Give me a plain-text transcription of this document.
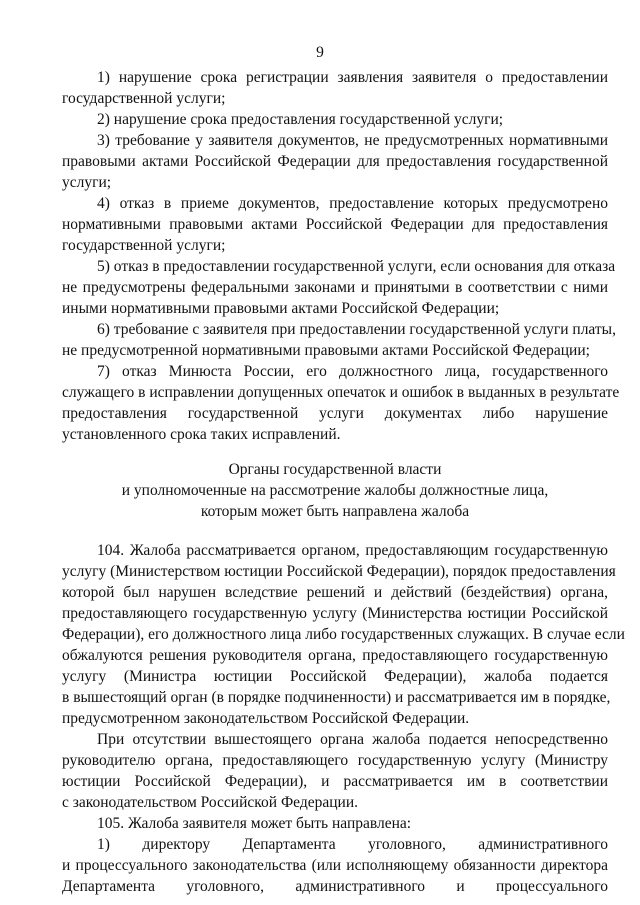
9
1) нарушение срока регистрации заявления заявителя о предоставлении
государственной услуги;
2) нарушение срока предоставления государственной услуги;
3) требование у заявителя документов, не предусмотренных нормативными
правовыми актами Российской Федерации для предоставления государственной
услуги;
4) отказ в приеме документов, предоставление которых предусмотрено
нормативными правовыми актами Российской Федерации для предоставления
государственной услуги;
5) отказ в предоставлении государственной услуги, если основания для отказа
не предусмотрены федеральными законами и принятыми в соответствии с ними
иными нормативными правовыми актами Российской Федерации;
6) требование с заявителя при предоставлении государственной услуги платы,
не предусмотренной нормативными правовыми актами Российской Федерации;
7) отказ Минюста России, его должностного лица, государственного
служащего в исправлении допущенных опечаток и ошибок в выданных в результате
предоставления государственной услуги документах либо нарушение
установленного срока таких исправлений.
Органы государственной власти
и уполномоченные на рассмотрение жалобы должностные лица,
которым может быть направлена жалоба
104. Жалоба рассматривается органом, предоставляющим государственную
услугу (Министерством юстиции Российской Федерации), порядок предоставления
которой был нарушен вследствие решений и действий (бездействия) органа,
предоставляющего государственную услугу (Министерства юстиции Российской
Федерации), его должностного лица либо государственных служащих. В случае если
обжалуются решения руководителя органа, предоставляющего государственную
услугу (Министра юстиции Российской Федерации), жалоба подается
в вышестоящий орган (в порядке подчиненности) и рассматривается им в порядке,
предусмотренном законодательством Российской Федерации.
При отсутствии вышестоящего органа жалоба подается непосредственно
руководителю органа, предоставляющего государственную услугу (Министру
юстиции Российской Федерации), и рассматривается им в соответствии
с законодательством Российской Федерации.
105. Жалоба заявителя может быть направлена:
1) директору Департамента уголовного, административного
и процессуального законодательства (или исполняющему обязанности директора
Департамента уголовного, административного и процессуального
